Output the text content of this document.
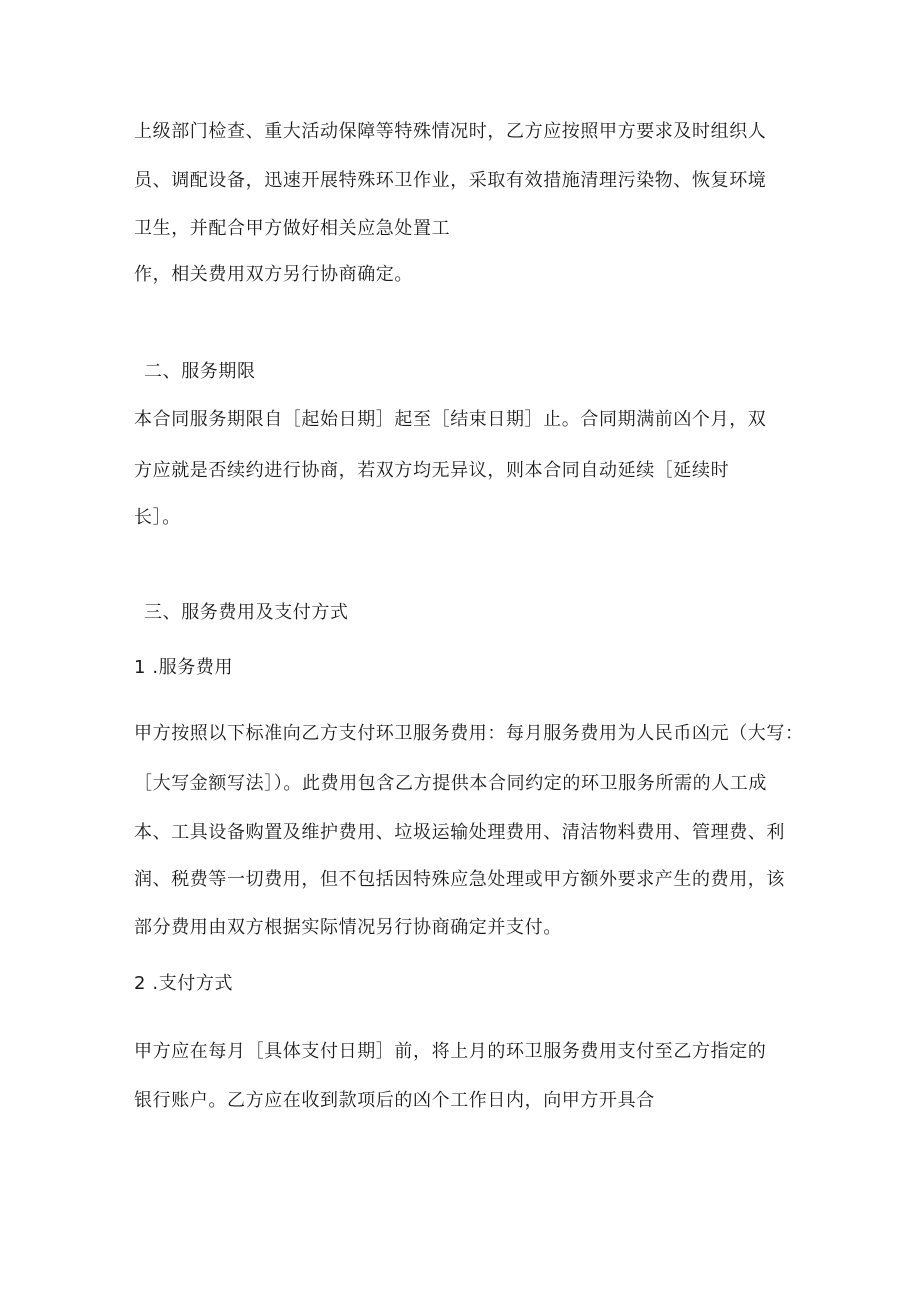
上级部门检查、重大活动保障等特殊情况时，乙方应按照甲方要求及时组织人
员、调配设备，迅速开展特殊环卫作业，采取有效措施清理污染物、恢复环境
卫生，并配合甲方做好相关应急处置工
作，相关费用双方另行协商确定。
二、服务期限
本合同服务期限自［起始日期］起至［结束日期］止。合同期满前凶个月，双
方应就是否续约进行协商，若双方均无异议，则本合同自动延续［延续时
长］。
三、服务费用及支付方式
1 .服务费用
甲方按照以下标准向乙方支付环卫服务费用：每月服务费用为人民币凶元（大写：
［大写金额写法］）。此费用包含乙方提供本合同约定的环卫服务所需的人工成
本、工具设备购置及维护费用、垃圾运输处理费用、清洁物料费用、管理费、利
润、税费等一切费用，但不包括因特殊应急处理或甲方额外要求产生的费用，该
部分费用由双方根据实际情况另行协商确定并支付。
2 .支付方式
甲方应在每月［具体支付日期］前，将上月的环卫服务费用支付至乙方指定的
银行账户。乙方应在收到款项后的凶个工作日内，向甲方开具合
